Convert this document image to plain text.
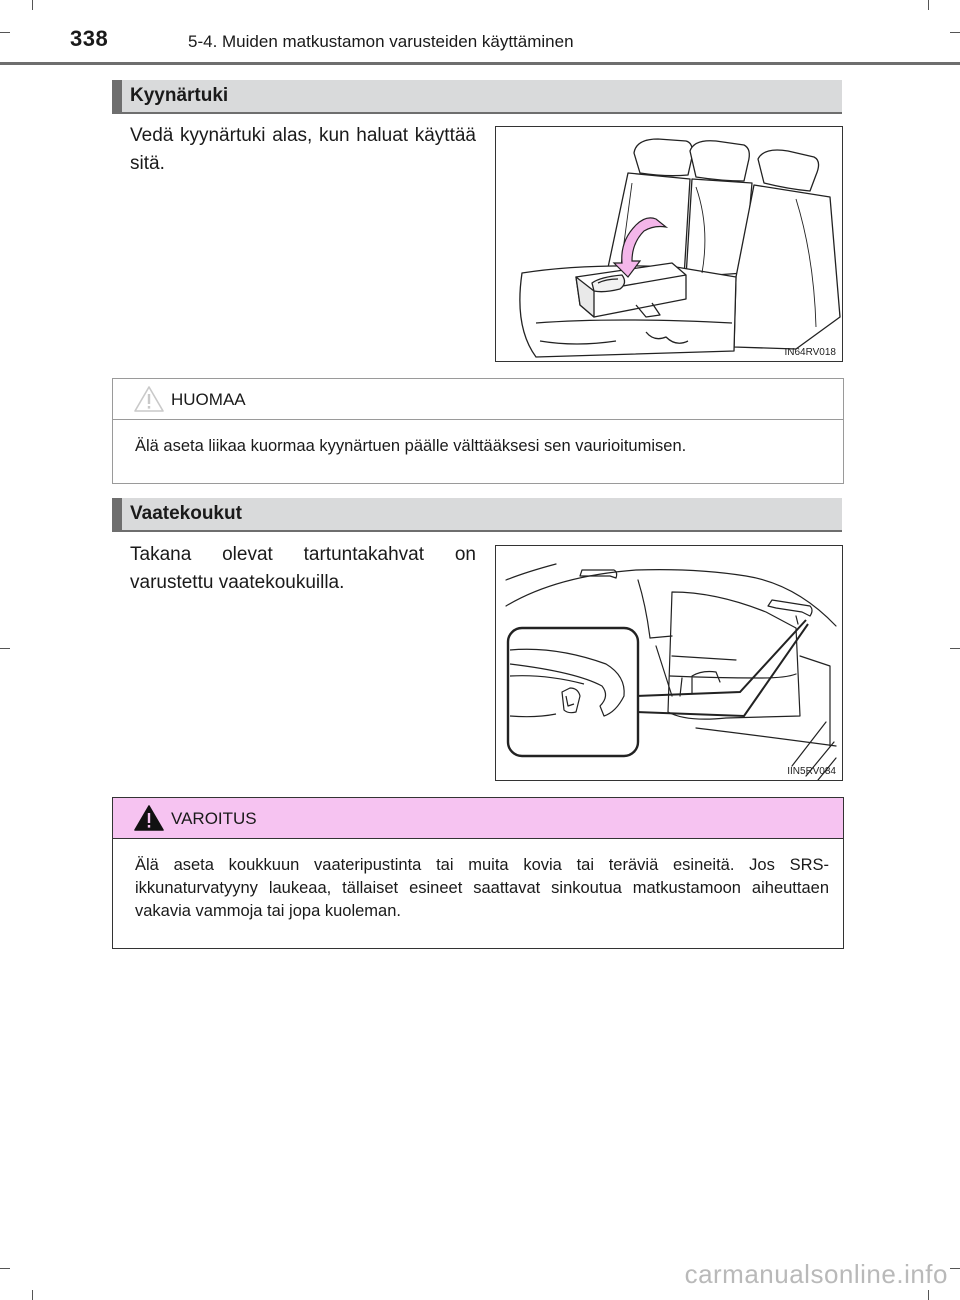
338	5-4. Muiden matkustamon varusteiden käyttäminen
Kyynärtuki
Vedä kyynärtuki alas, kun haluat käyttää sitä.
IN64RV018
HUOMAA
Älä aseta liikaa kuormaa kyynärtuen päälle välttääksesi sen vaurioitumisen.
Vaatekoukut
Takana olevat tartuntakahvat on varustettu vaatekoukuilla.
IIN5RV084
VAROITUS
Älä aseta koukkuun vaateripustinta tai muita kovia tai teräviä esineitä. Jos SRS-ikkunaturvatyyny laukeaa, tällaiset esineet saattavat sinkoutua matkustamoon aiheuttaen vakavia vammoja tai jopa kuoleman.
carmanualsonline.info
